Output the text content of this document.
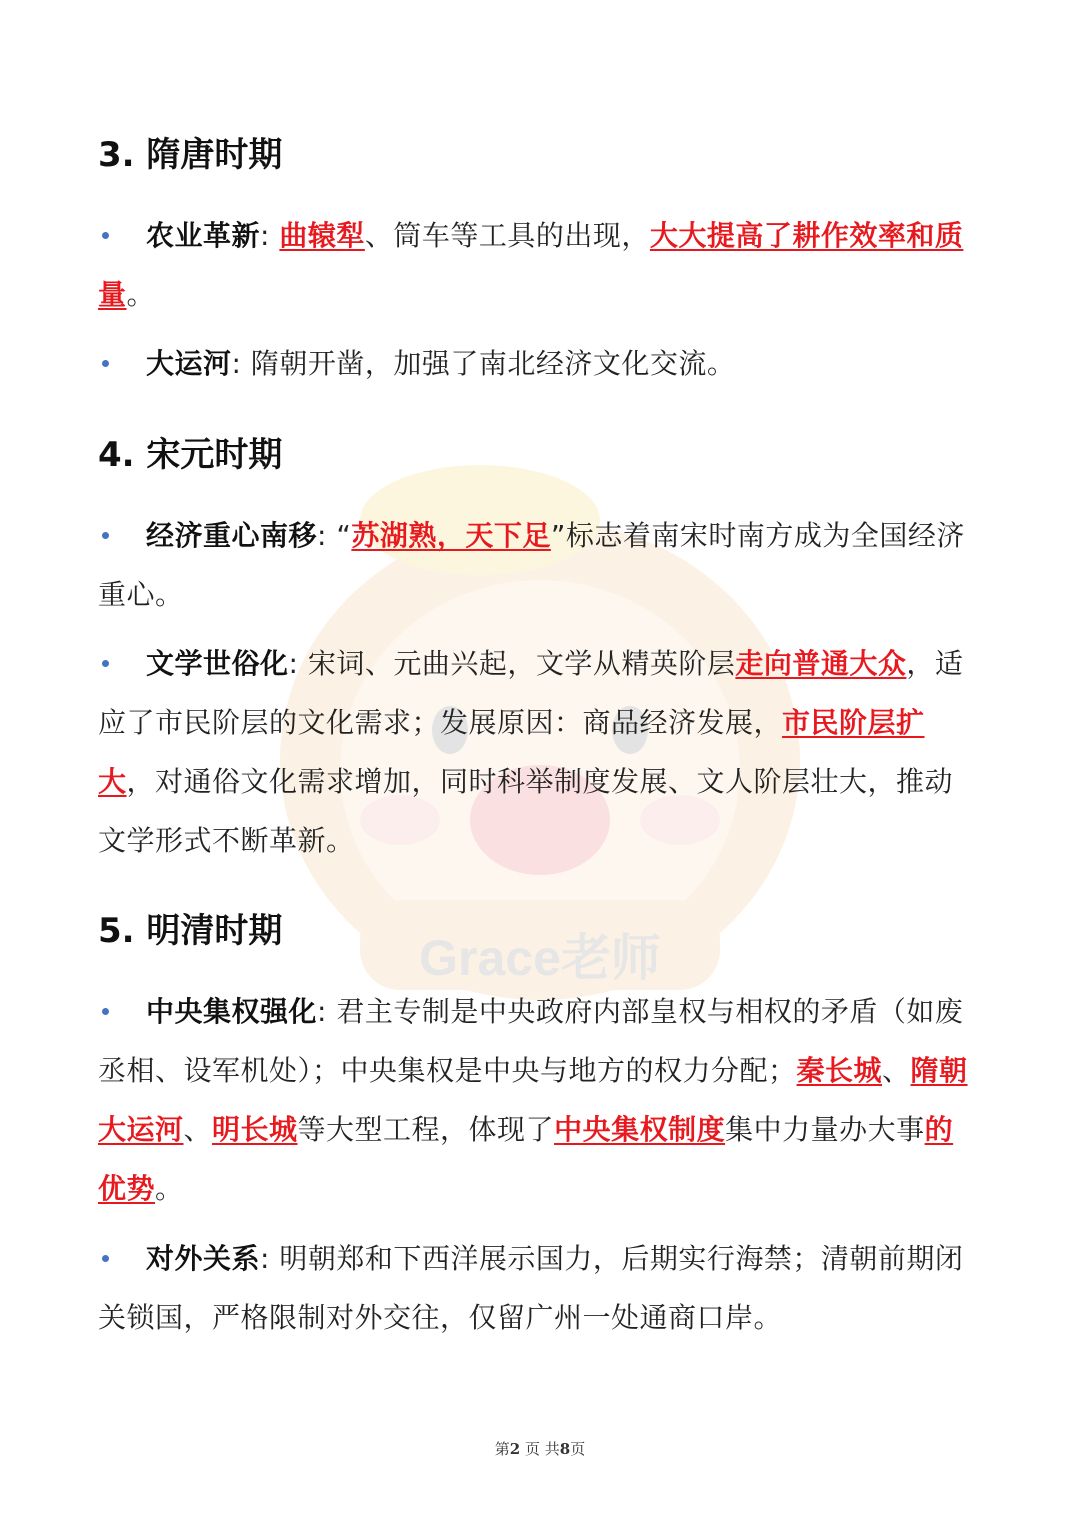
Grace老师
3. 隋唐时期

农业革新: 曲辕犁、筒车等工具的出现，大大提高了耕作效率和质量。

大运河: 隋朝开凿，加强了南北经济文化交流。

4. 宋元时期

经济重心南移: “苏湖熟，天下足”标志着南宋时南方成为全国经济重心。

文学世俗化: 宋词、元曲兴起，文学从精英阶层走向普通大众，适应了市民阶层的文化需求；发展原因：商品经济发展，市民阶层扩大，对通俗文化需求增加，同时科举制度发展、文人阶层壮大，推动文学形式不断革新。

5. 明清时期

中央集权强化: 君主专制是中央政府内部皇权与相权的矛盾（如废丞相、设军机处）；中央集权是中央与地方的权力分配；秦长城、隋朝大运河、明长城等大型工程，体现了中央集权制度集中力量办大事的优势。

对外关系: 明朝郑和下西洋展示国力，后期实行海禁；清朝前期闭关锁国，严格限制对外交往，仅留广州一处通商口岸。

第2 页 共8页
